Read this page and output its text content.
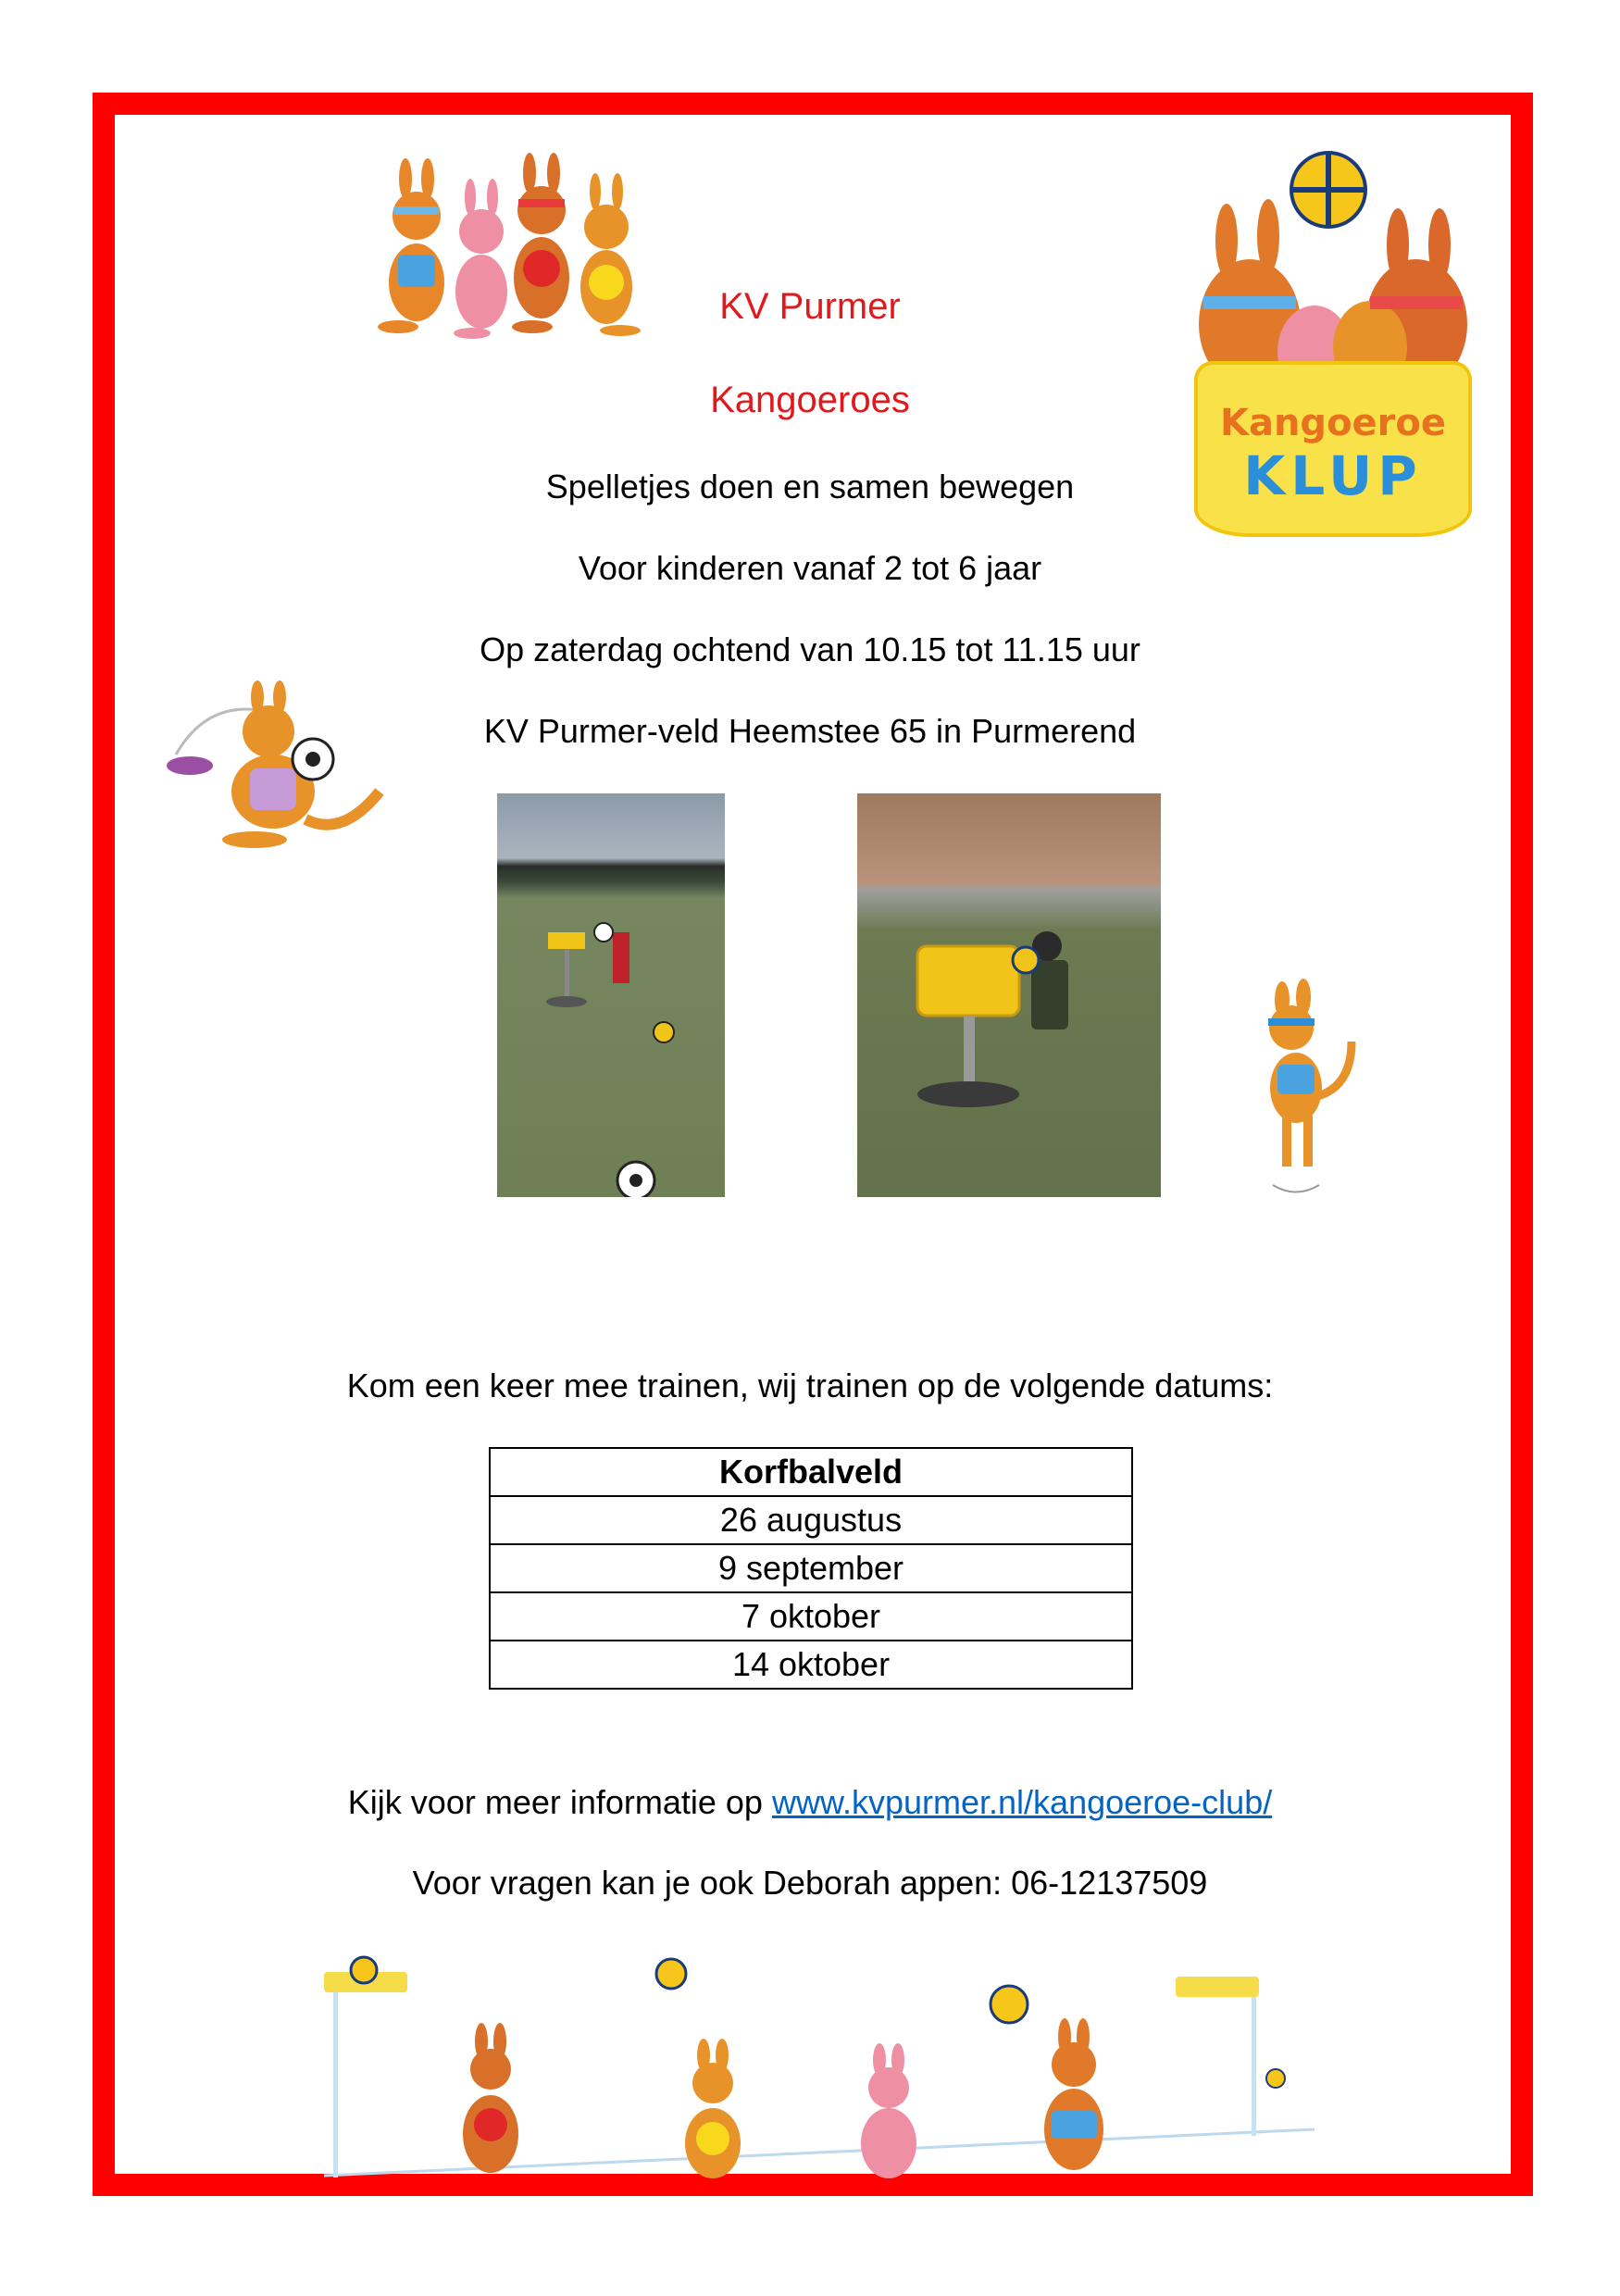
Kangoeroe
KLUP
KV Purmer
Kangoeroes
Spelletjes doen en samen bewegen
Voor kinderen vanaf 2 tot 6 jaar
Op zaterdag ochtend van 10.15 tot 11.15 uur
KV Purmer-veld Heemstee 65 in Purmerend
Kom een keer mee trainen, wij trainen op de volgende datums:
Korfbalveld
26 augustus
9 september
7 oktober
14 oktober
Kijk voor meer informatie op www.kvpurmer.nl/kangoeroe-club/
Voor vragen kan je ook Deborah appen: 06-12137509
